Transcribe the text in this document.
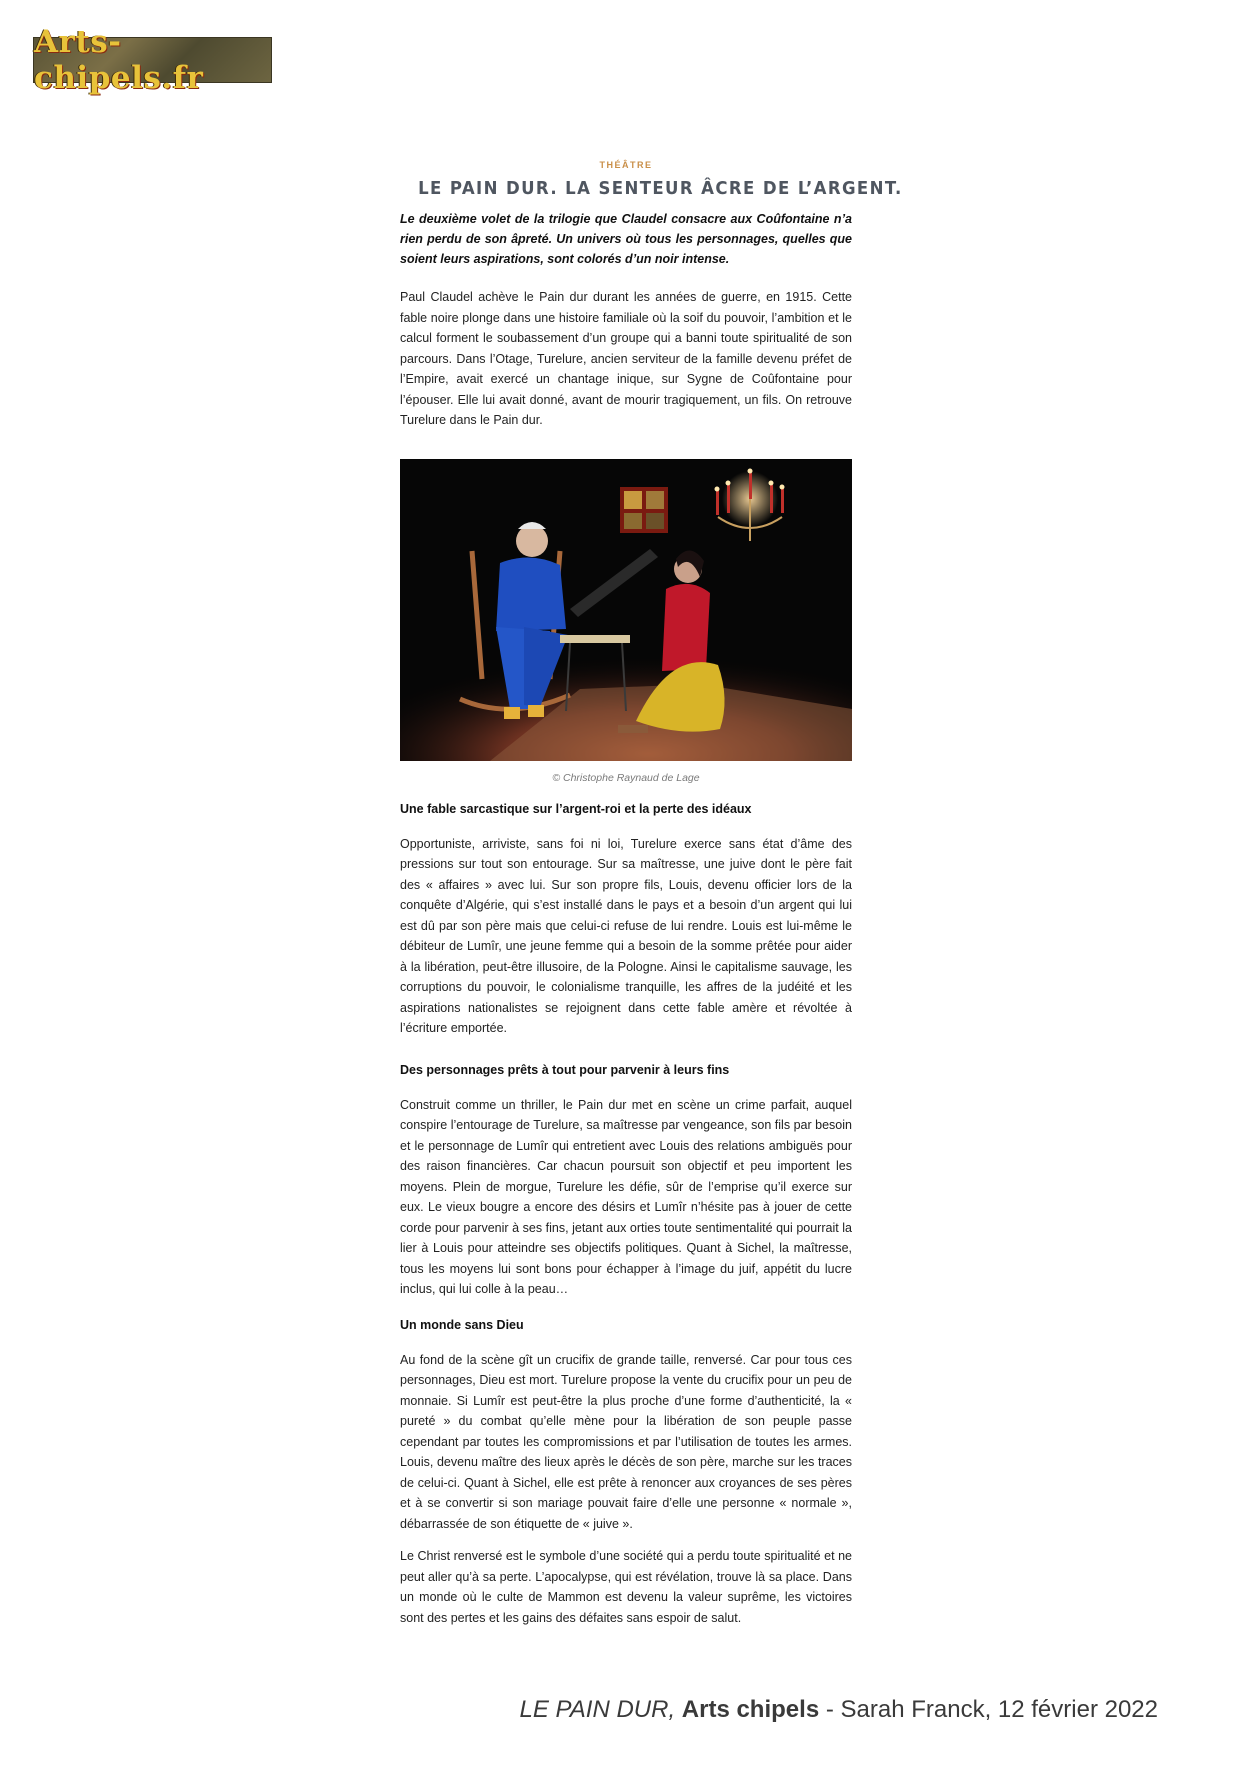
Arts-chipels.fr
THÉÂTRE
LE PAIN DUR. LA SENTEUR ÂCRE DE L’ARGENT.

Le deuxième volet de la trilogie que Claudel consacre aux Coûfontaine n’a rien perdu de son âpreté. Un univers où tous les personnages, quelles que soient leurs aspirations, sont colorés d’un noir intense.

Paul Claudel achève le Pain dur durant les années de guerre, en 1915. Cette fable noire plonge dans une histoire familiale où la soif du pouvoir, l’ambition et le calcul forment le soubassement d’un groupe qui a banni toute spiritualité de son parcours. Dans l’Otage, Turelure, ancien serviteur de la famille devenu préfet de l’Empire, avait exercé un chantage inique, sur Sygne de Coûfontaine pour l’épouser. Elle lui avait donné, avant de mourir tragiquement, un fils. On retrouve Turelure dans le Pain dur.

© Christophe Raynaud de Lage
Une fable sarcastique sur l’argent-roi et la perte des idéaux

Opportuniste, arriviste, sans foi ni loi, Turelure exerce sans état d’âme des pressions sur tout son entourage. Sur sa maîtresse, une juive dont le père fait des « affaires » avec lui. Sur son propre fils, Louis, devenu officier lors de la conquête d’Algérie, qui s’est installé dans le pays et a besoin d’un argent qui lui est dû par son père mais que celui-ci refuse de lui rendre. Louis est lui-même le débiteur de Lumîr, une jeune femme qui a besoin de la somme prêtée pour aider à la libération, peut-être illusoire, de la Pologne. Ainsi le capitalisme sauvage, les corruptions du pouvoir, le colonialisme tranquille, les affres de la judéité et les aspirations nationalistes se rejoignent dans cette fable amère et révoltée à l’écriture emportée.

Des personnages prêts à tout pour parvenir à leurs fins

Construit comme un thriller, le Pain dur met en scène un crime parfait, auquel conspire l’entourage de Turelure, sa maîtresse par vengeance, son fils par besoin et le personnage de Lumîr qui entretient avec Louis des relations ambiguës pour des raison financières. Car chacun poursuit son objectif et peu importent les moyens. Plein de morgue, Turelure les défie, sûr de l’emprise qu’il exerce sur eux. Le vieux bougre a encore des désirs et Lumîr n’hésite pas à jouer de cette corde pour parvenir à ses fins, jetant aux orties toute sentimentalité qui pourrait la lier à Louis pour atteindre ses objectifs politiques. Quant à Sichel, la maîtresse, tous les moyens lui sont bons pour échapper à l’image du juif, appétit du lucre inclus, qui lui colle à la peau…

Un monde sans Dieu

Au fond de la scène gît un crucifix de grande taille, renversé. Car pour tous ces personnages, Dieu est mort. Turelure propose la vente du crucifix pour un peu de monnaie. Si Lumîr est peut-être la plus proche d’une forme d’authenticité, la « pureté » du combat qu’elle mène pour la libération de son peuple passe cependant par toutes les compromissions et par l’utilisation de toutes les armes. Louis, devenu maître des lieux après le décès de son père, marche sur les traces de celui-ci. Quant à Sichel, elle est prête à renoncer aux croyances de ses pères et à se convertir si son mariage pouvait faire d’elle une personne « normale », débarrassée de son étiquette de « juive ».

Le Christ renversé est le symbole d’une société qui a perdu toute spiritualité et ne peut aller qu’à sa perte. L’apocalypse, qui est révélation, trouve là sa place. Dans un monde où le culte de Mammon est devenu la valeur suprême, les victoires sont des pertes et les gains des défaites sans espoir de salut.

LE PAIN DUR, Arts chipels - Sarah Franck, 12 février 2022
